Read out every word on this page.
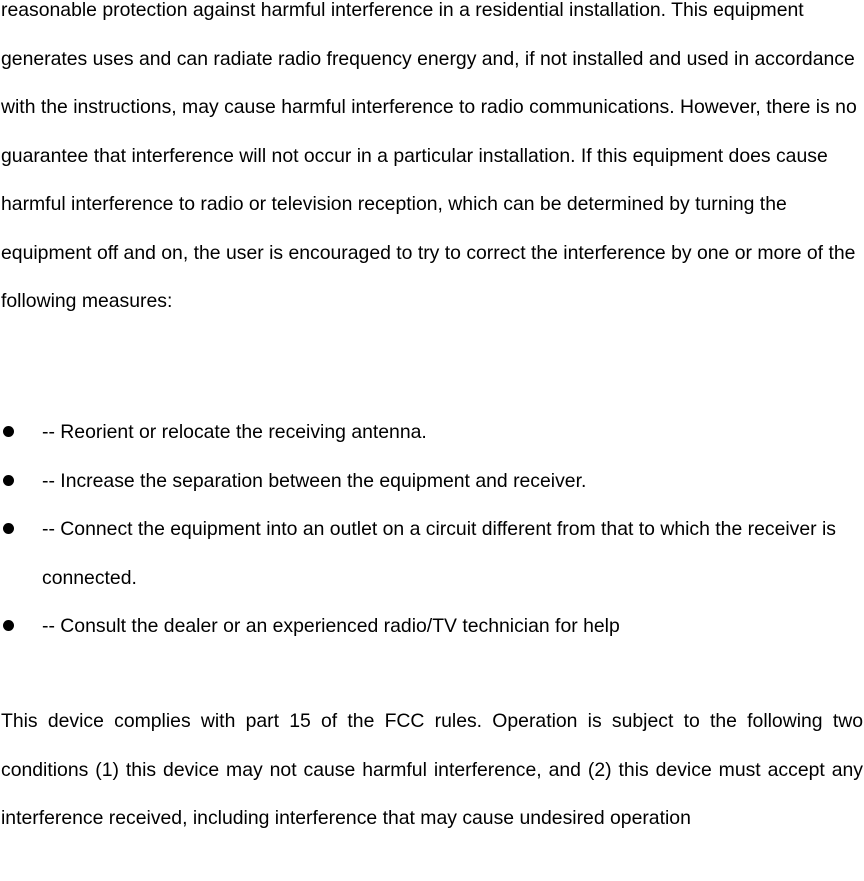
reasonable protection against harmful interference in a residential installation. This equipment generates uses and can radiate radio frequency energy and, if not installed and used in accordance with the instructions, may cause harmful interference to radio communications. However, there is no guarantee that interference will not occur in a particular installation. If this equipment does cause harmful interference to radio or television reception, which can be determined by turning the equipment off and on, the user is encouraged to try to correct the interference by one or more of the following measures:

-- Reorient or relocate the receiving antenna.
-- Increase the separation between the equipment and receiver.
-- Connect the equipment into an outlet on a circuit different from that to which the receiver is connected.
-- Consult the dealer or an experienced radio/TV technician for help

This device complies with part 15 of the FCC rules. Operation is subject to the following two conditions (1) this device may not cause harmful interference, and (2) this device must accept any interference received, including interference that may cause undesired operation
